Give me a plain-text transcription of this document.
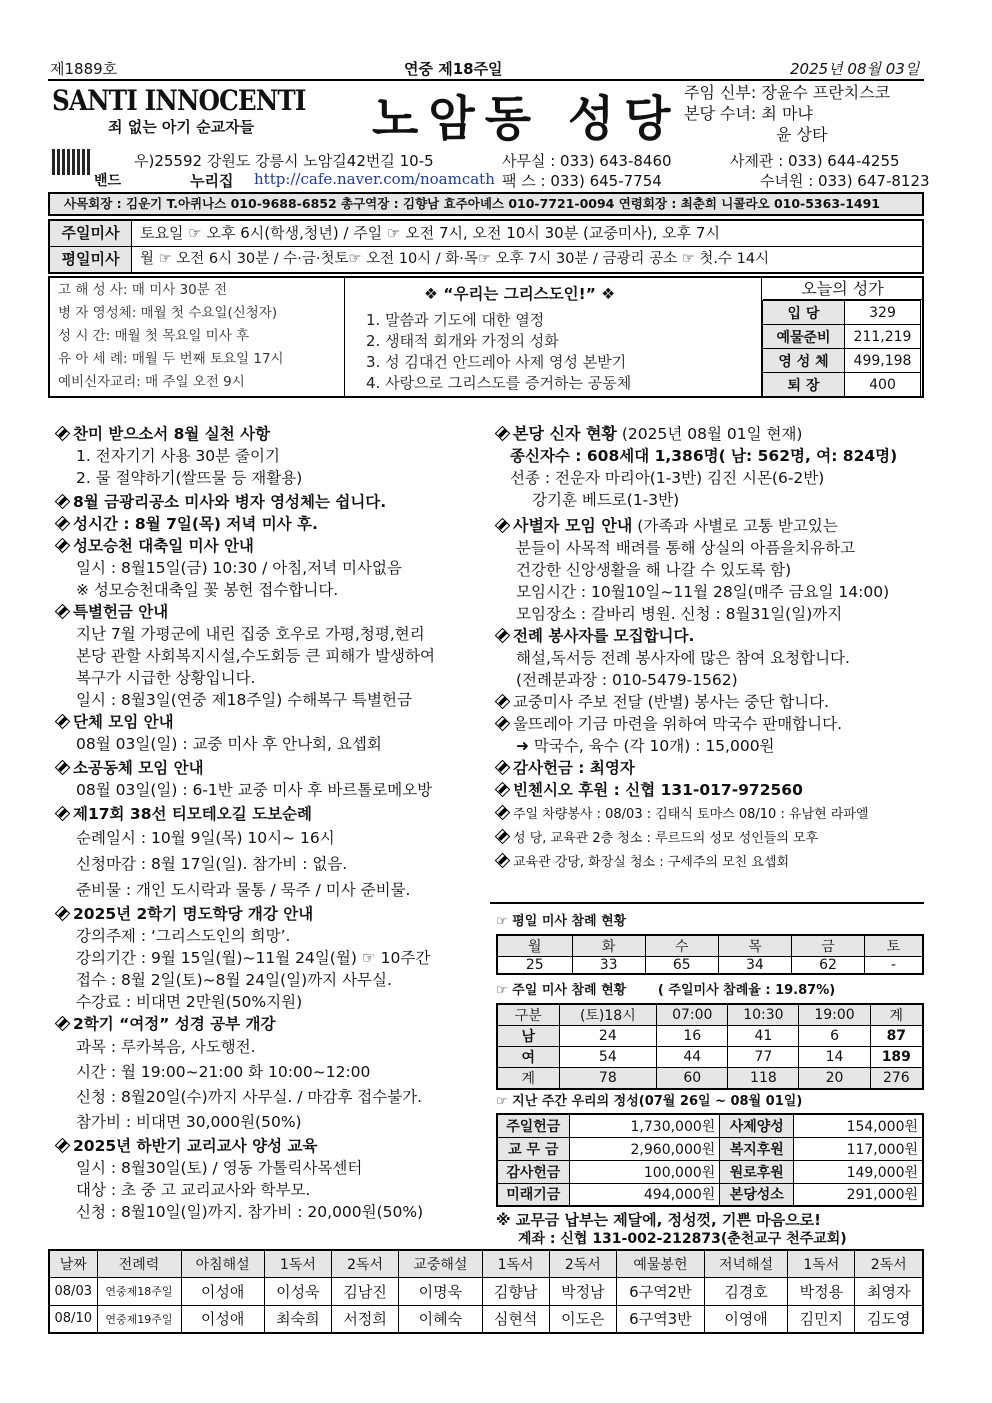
제1889호	연중 제18주일	2025년 08월 03일
SANTI INNOCENTI
죄 없는 아기 순교자들 노암동 성당 주임 신부: 장윤수 프란치스코
본당 수녀: 최 마냐
윤 상타
밴드
우)25592 강원도 강릉시 노암길42번길 10-5	사무실 : 033) 643-8460	사제관 : 033) 644-4255
누리집 http://cafe.naver.com/noamcath 팩 스 : 033) 645-7754	수녀원 : 033) 647-8123
사목회장 : 김운기 T.아퀴나스 010-9688-6852 총구역장 : 김향남 효주아녜스 010-7721-0094 연령회장 : 최춘희 니콜라오 010-5363-1491
주일미사	토요일 ☞ 오후 6시(학생,청년) / 주일 ☞ 오전 7시, 오전 10시 30분 (교중미사), 오후 7시
평일미사	월 ☞ 오전 6시 30분 / 수·금·첫토☞ 오전 10시 / 화·목☞ 오후 7시 30분 / 금광리 공소 ☞ 첫.수 14시
고 해 성 사: 매 미사 30분 전
병 자 영성체: 매월 첫 수요일(신청자)
성 시 간: 매월 첫 목요일 미사 후
유 아 세 례: 매월 두 번째 토요일 17시
예비신자교리: 매 주일 오전 9시
❖ “우리는 그리스도인!” ❖
1. 말씀과 기도에 대한 열정
2. 생태적 회개와 가정의 성화
3. 성 김대건 안드레아 사제 영성 본받기
4. 사랑으로 그리스도를 증거하는 공동체
오늘의 성가
입 당	329
예물준비	211,219
영 성 체	499,198
퇴 장	400
찬미 받으소서 8월 실천 사항
1. 전자기기 사용 30분 줄이기
2. 물 절약하기(쌀뜨물 등 재활용)
8월 금광리공소 미사와 병자 영성체는 쉽니다.
성시간 : 8월 7일(목) 저녁 미사 후.
성모승천 대축일 미사 안내
일시 : 8월15일(금) 10:30 / 아침,저녁 미사없음
※ 성모승천대축일 꽃 봉헌 접수합니다.
특별헌금 안내
지난 7월 가평군에 내린 집중 호우로 가평,청평,현리
본당 관할 사회복지시설,수도회등 큰 피해가 발생하여
복구가 시급한 상황입니다.
일시 : 8월3일(연중 제18주일) 수해복구 특별헌금
단체 모임 안내
08월 03일(일) : 교중 미사 후 안나회, 요셉회
소공동체 모임 안내
08월 03일(일) : 6-1반 교중 미사 후 바르톨로메오방
제17회 38선 티모테오길 도보순례
순례일시 : 10월 9일(목) 10시~ 16시
신청마감 : 8월 17일(일). 참가비 : 없음.
준비물 : 개인 도시락과 물통 / 묵주 / 미사 준비물.
2025년 2학기 명도학당 개강 안내
강의주제 : ‘그리스도인의 희망’.
강의기간 : 9월 15일(월)~11월 24일(월) ☞ 10주간
접수 : 8월 2일(토)~8월 24일(일)까지 사무실.
수강료 : 비대면 2만원(50%지원)
2학기 “여정” 성경 공부 개강
과목 : 루카복음, 사도행전.
시간 : 월 19:00~21:00 화 10:00~12:00
신청 : 8월20일(수)까지 사무실. / 마감후 접수불가.
참가비 : 비대면 30,000원(50%)
2025년 하반기 교리교사 양성 교육
일시 : 8월30일(토) / 영동 가톨릭사목센터
대상 : 초 중 고 교리교사와 학부모.
신청 : 8월10일(일)까지. 참가비 : 20,000원(50%)
본당 신자 현황 (2025년 08월 01일 현재)
종신자수 : 608세대 1,386명( 남: 562명, 여: 824명)
선종 : 전운자 마리아(1-3반) 김진 시몬(6-2반)
강기훈 베드로(1-3반)
사별자 모임 안내 (가족과 사별로 고통 받고있는
분들이 사목적 배려를 통해 상실의 아픔을치유하고
건강한 신앙생활을 해 나갈 수 있도록 함)
모임시간 : 10월10일~11월 28일(매주 금요일 14:00)
모임장소 : 갈바리 병원. 신청 : 8월31일(일)까지
전례 봉사자를 모집합니다.
해설,독서등 전례 봉사자에 많은 참여 요청합니다.
(전례분과장 : 010-5479-1562)
교중미사 주보 전달 (반별) 봉사는 중단 합니다.
울뜨레아 기금 마련을 위하여 막국수 판매합니다.
➜ 막국수, 육수 (각 10개) : 15,000원
감사헌금 : 최영자
빈첸시오 후원 : 신협 131-017-972560
주일 차량봉사 : 08/03 : 김태식 토마스 08/10 : 유남현 라파엘
성 당, 교육관 2층 청소 : 루르드의 성모 성인들의 모후
교육관 강당, 화장실 청소 : 구세주의 모친 요셉회
☞ 평일 미사 참례 현황
월	화	수	목	금	토
25	33	65	34	62	-
☞ 주일 미사 참례 현황 ( 주일미사 참례율 : 19.87%)
구분	(토)18시	07:00	10:30	19:00	계
남	24	16	41	6	87
여	54	44	77	14	189
계	78	60	118	20	276
☞ 지난 주간 우리의 정성(07월 26일 ~ 08월 01일)
주일헌금	1,730,000원	사제양성	154,000원
교 무 금	2,960,000원	복지후원	117,000원
감사헌금	100,000원	원로후원	149,000원
미래기금	494,000원	본당성소	291,000원
※ 교무금 납부는 제달에, 정성껏, 기쁜 마음으로!
계좌 : 신협 131-002-212873(춘천교구 천주교회)
날짜	전례력	아침해설	1독서	2독서	교중해설	1독서	2독서	예물봉헌	저녁해설	1독서	2독서
08/03	연중제18주일	이성애	이성욱	김남진	이명욱	김향남	박정남	6구역2반	김경호	박정용	최영자
08/10	연중제19주일	이성애	최숙희	서정희	이혜숙	심현석	이도은	6구역3반	이영애	김민지	김도영
